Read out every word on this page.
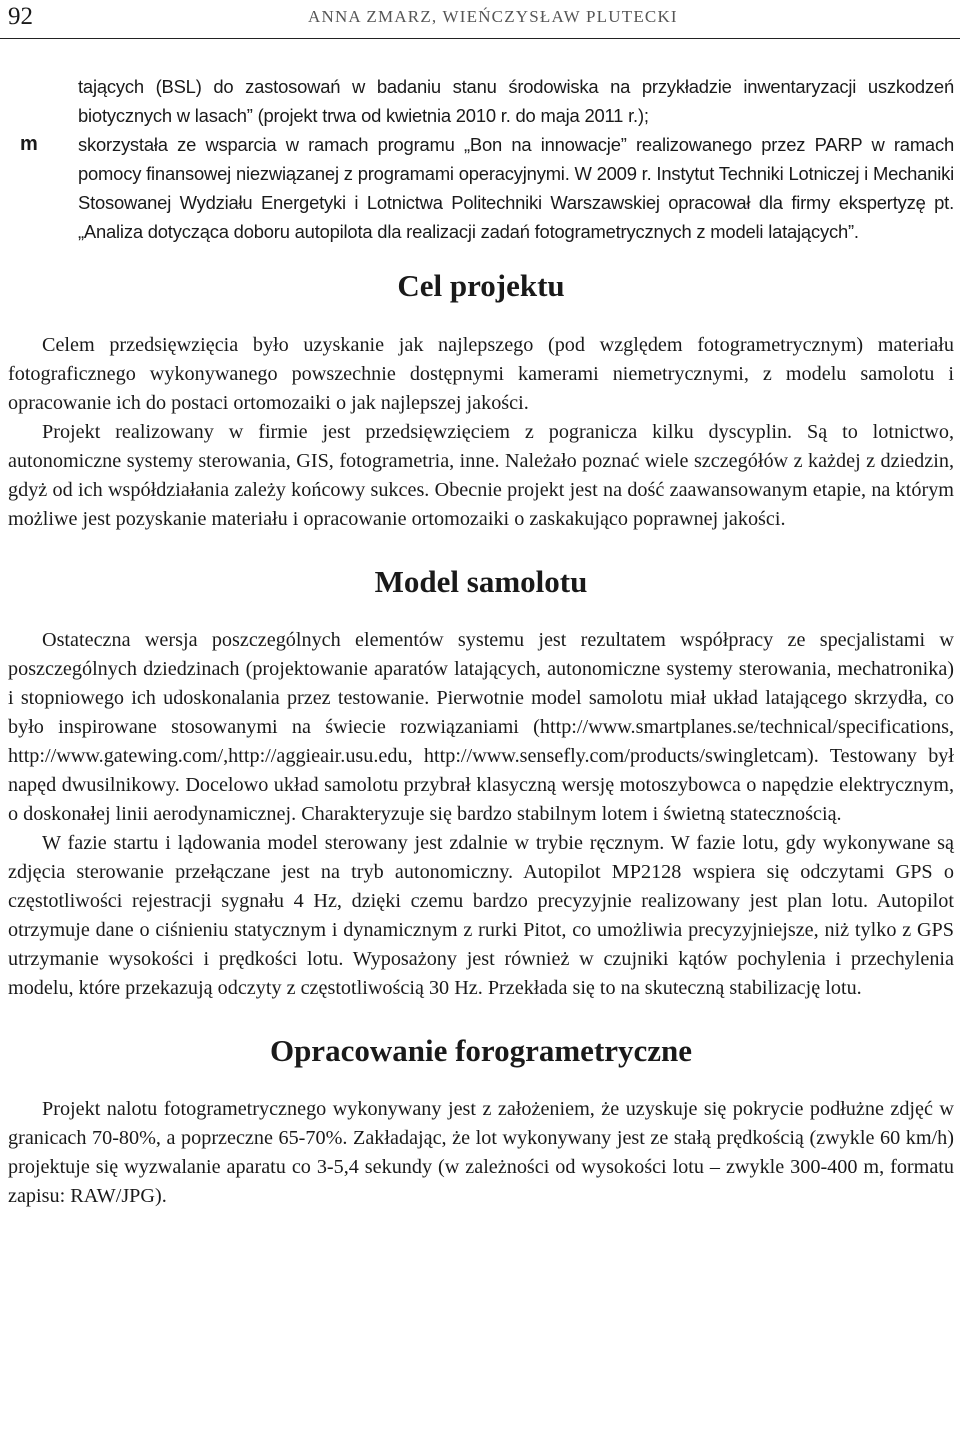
92	ANNA ZMARZ, WIEŃCZYSŁAW PLUTECKI

tających (BSL) do zastosowań w badaniu stanu środowiska na przykładzie inwentaryzacji uszkodzeń biotycznych w lasach” (projekt trwa od kwietnia 2010 r. do maja 2011 r.);

m skorzystała ze wsparcia w ramach programu „Bon na innowacje” realizowanego przez PARP w ramach pomocy finansowej niezwiązanej z programami operacyjnymi. W 2009 r. Instytut Techniki Lotniczej i Mechaniki Stosowanej Wydziału Energetyki i Lotnictwa Politechniki Warszawskiej opracował dla firmy ekspertyzę pt. „Analiza dotycząca doboru autopilota dla realizacji zadań fotogrametrycznych z modeli latających”.

Cel projektu

Celem przedsięwzięcia było uzyskanie jak najlepszego (pod względem fotogrametrycznym) materiału fotograficznego wykonywanego powszechnie dostępnymi kamerami niemetrycznymi, z modelu samolotu i opracowanie ich do postaci ortomozaiki o jak najlepszej jakości.

Projekt realizowany w firmie jest przedsięwzięciem z pogranicza kilku dyscyplin. Są to lotnictwo, autonomiczne systemy sterowania, GIS, fotogrametria, inne. Należało poznać wiele szczegółów z każdej z dziedzin, gdyż od ich współdziałania zależy końcowy sukces. Obecnie projekt jest na dość zaawansowanym etapie, na którym możliwe jest pozyskanie materiału i opracowanie ortomozaiki o zaskakująco poprawnej jakości.

Model samolotu

Ostateczna wersja poszczególnych elementów systemu jest rezultatem współpracy ze specjalistami w poszczególnych dziedzinach (projektowanie aparatów latających, autonomiczne systemy sterowania, mechatronika) i stopniowego ich udoskonalania przez testowanie. Pierwotnie model samolotu miał układ latającego skrzydła, co było inspirowane stosowanymi na świecie rozwiązaniami (http://www.smartplanes.se/technical/specifications, http://www.gatewing.com/,http://aggieair.usu.edu, http://www.sensefly.com/products/swingletcam). Testowany był napęd dwusilnikowy. Docelowo układ samolotu przybrał klasyczną wersję motoszybowca o napędzie elektrycznym, o doskonałej linii aerodynamicznej. Charakteryzuje się bardzo stabilnym lotem i świetną statecznością.

W fazie startu i lądowania model sterowany jest zdalnie w trybie ręcznym. W fazie lotu, gdy wykonywane są zdjęcia sterowanie przełączane jest na tryb autonomiczny. Autopilot MP2128 wspiera się odczytami GPS o częstotliwości rejestracji sygnału 4 Hz, dzięki czemu bardzo precyzyjnie realizowany jest plan lotu. Autopilot otrzymuje dane o ciśnieniu statycznym i dynamicznym z rurki Pitot, co umożliwia precyzyjniejsze, niż tylko z GPS utrzymanie wysokości i prędkości lotu. Wyposażony jest również w czujniki kątów pochylenia i przechylenia modelu, które przekazują odczyty z częstotliwością 30 Hz. Przekłada się to na skuteczną stabilizację lotu.

Opracowanie forogrametryczne

Projekt nalotu fotogrametrycznego wykonywany jest z założeniem, że uzyskuje się pokrycie podłużne zdjęć w granicach 70-80%, a poprzeczne 65-70%. Zakładając, że lot wykonywany jest ze stałą prędkością (zwykle 60 km/h) projektuje się wyzwalanie aparatu co 3-5,4 sekundy (w zależności od wysokości lotu – zwykle 300-400 m, formatu zapisu: RAW/JPG).
